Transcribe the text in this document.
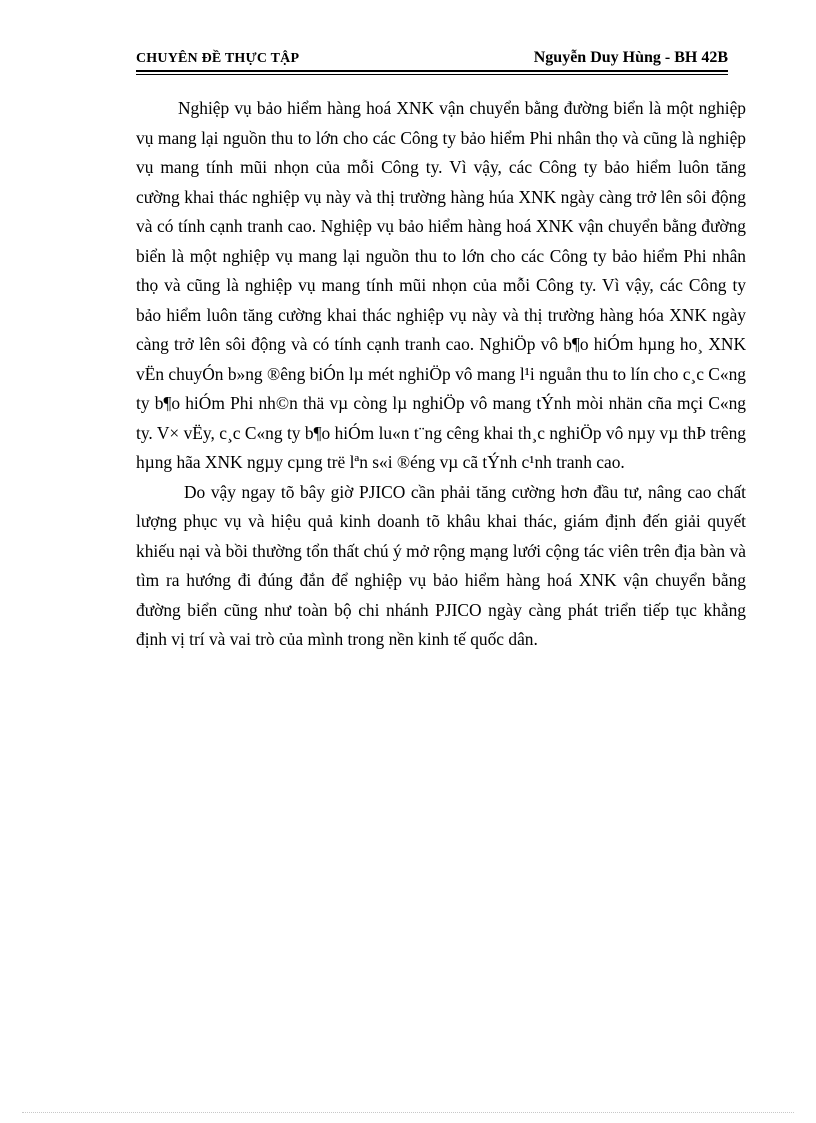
CHUYÊN ĐỀ THỰC TẬP	Nguyễn Duy Hùng - BH 42B

Nghiệp vụ bảo hiểm hàng hoá XNK vận chuyển bằng đường biển là một nghiệp vụ mang lại nguồn thu to lớn cho các Công ty bảo hiểm Phi nhân thọ và cũng là nghiệp vụ mang tính mũi nhọn của mỗi Công ty. Vì vậy, các Công ty bảo hiểm luôn tăng cường khai thác nghiệp vụ này và thị trường hàng húa XNK ngày càng trở lên sôi động và có tính cạnh tranh cao. Nghiệp vụ bảo hiểm hàng hoá XNK vận chuyển bằng đường biển là một nghiệp vụ mang lại nguồn thu to lớn cho các Công ty bảo hiểm Phi nhân thọ và cũng là nghiệp vụ mang tính mũi nhọn của mỗi Công ty. Vì vậy, các Công ty bảo hiểm luôn tăng cường khai thác nghiệp vụ này và thị trường hàng hóa XNK ngày càng trở lên sôi động và có tính cạnh tranh cao. NghiÖp vô b¶o hiÓm hµng ho¸ XNK vËn chuyÓn b»ng ®êng biÓn lµ mét nghiÖp vô mang l¹i nguån thu to lín cho c¸c C«ng ty b¶o hiÓm Phi nh©n thä vµ còng lµ nghiÖp vô mang tÝnh mòi nhän cña mçi C«ng ty. V× vËy, c¸c C«ng ty b¶o hiÓm lu«n t¨ng cêng khai th¸c nghiÖp vô nµy vµ thÞ trêng hµng hãa XNK ngµy cµng trë lªn s«i ®éng vµ cã tÝnh c¹nh tranh cao.

Do vậy ngay tõ bây giờ PJICO cần phải tăng cường hơn đầu tư, nâng cao chất lượng phục vụ và hiệu quả kinh doanh tõ khâu khai thác, giám định đến giải quyết khiếu nại và bồi thường tổn thất chú ý mở rộng mạng lưới cộng tác viên trên địa bàn và tìm ra hướng đi đúng đắn để nghiệp vụ bảo hiểm hàng hoá XNK vận chuyển bằng đường biển cũng như toàn bộ chi nhánh PJICO ngày càng phát triển tiếp tục khẳng định vị trí và vai trò của mình trong nền kinh tế quốc dân.
